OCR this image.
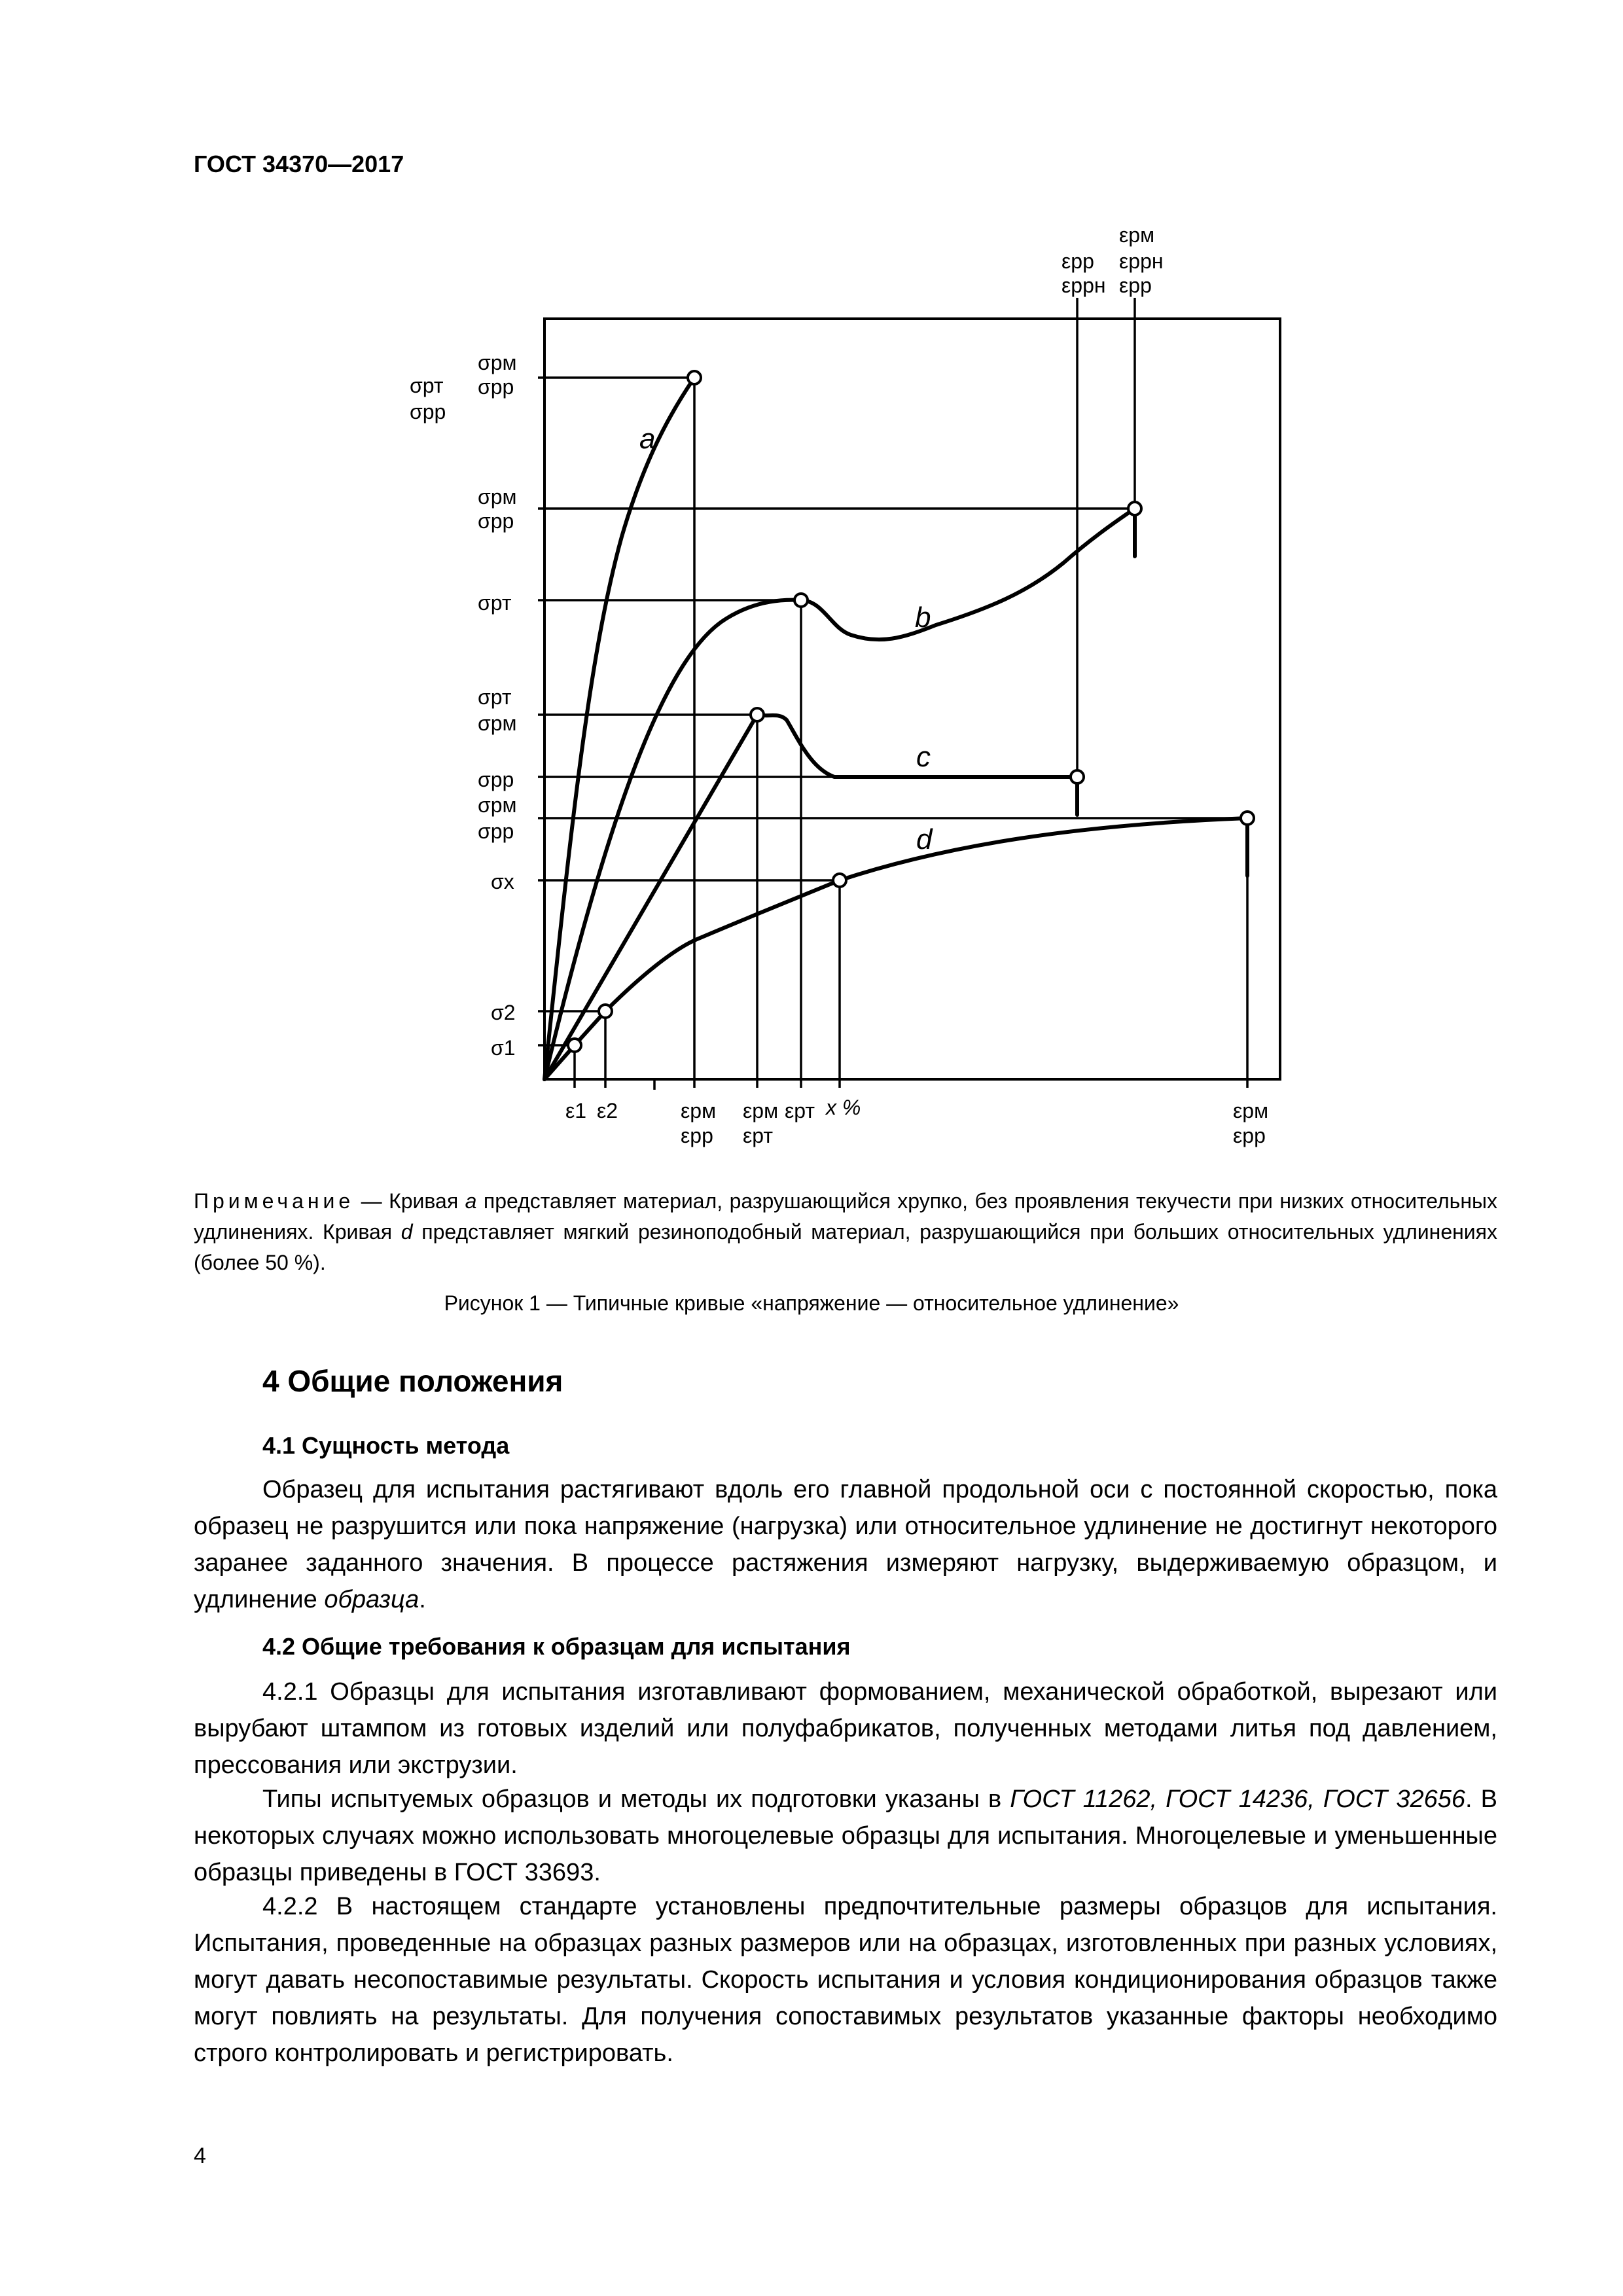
ГОСТ 34370—2017
a
b
c
d
σрт
σрр
σрм
σрр
σрм
σрр
σрт
σрт
σрм
σрр
σрм
σрр
σx
σ2
σ1
ε1 ε2	εрм
εрр
εрм
εрт
εрт х %	εрм
εрр
εрр
εррн
εрм
εррн
εрр
Примечание — Кривая a представляет материал, разрушающийся хрупко, без проявления текучести при низких относительных удлинениях. Кривая d представляет мягкий резиноподобный материал, разрушающийся при больших относительных удлинениях (более 50 %).
Рисунок 1 — Типичные кривые «напряжение — относительное удлинение»
4 Общие положения
4.1 Сущность метода
Образец для испытания растягивают вдоль его главной продольной оси с постоянной скоростью, пока образец не разрушится или пока напряжение (нагрузка) или относительное удлинение не достигнут некоторого заранее заданного значения. В процессе растяжения измеряют нагрузку, выдерживаемую образцом, и удлинение образца.
4.2 Общие требования к образцам для испытания
4.2.1 Образцы для испытания изготавливают формованием, механической обработкой, вырезают или вырубают штампом из готовых изделий или полуфабрикатов, полученных методами литья под давлением, прессования или экструзии.
Типы испытуемых образцов и методы их подготовки указаны в ГОСТ 11262, ГОСТ 14236, ГОСТ 32656. В некоторых случаях можно использовать многоцелевые образцы для испытания. Многоцелевые и уменьшенные образцы приведены в ГОСТ 33693.
4.2.2 В настоящем стандарте установлены предпочтительные размеры образцов для испытания. Испытания, проведенные на образцах разных размеров или на образцах, изготовленных при разных условиях, могут давать несопоставимые результаты. Скорость испытания и условия кондиционирования образцов также могут повлиять на результаты. Для получения сопоставимых результатов указанные факторы необходимо строго контролировать и регистрировать.
4
